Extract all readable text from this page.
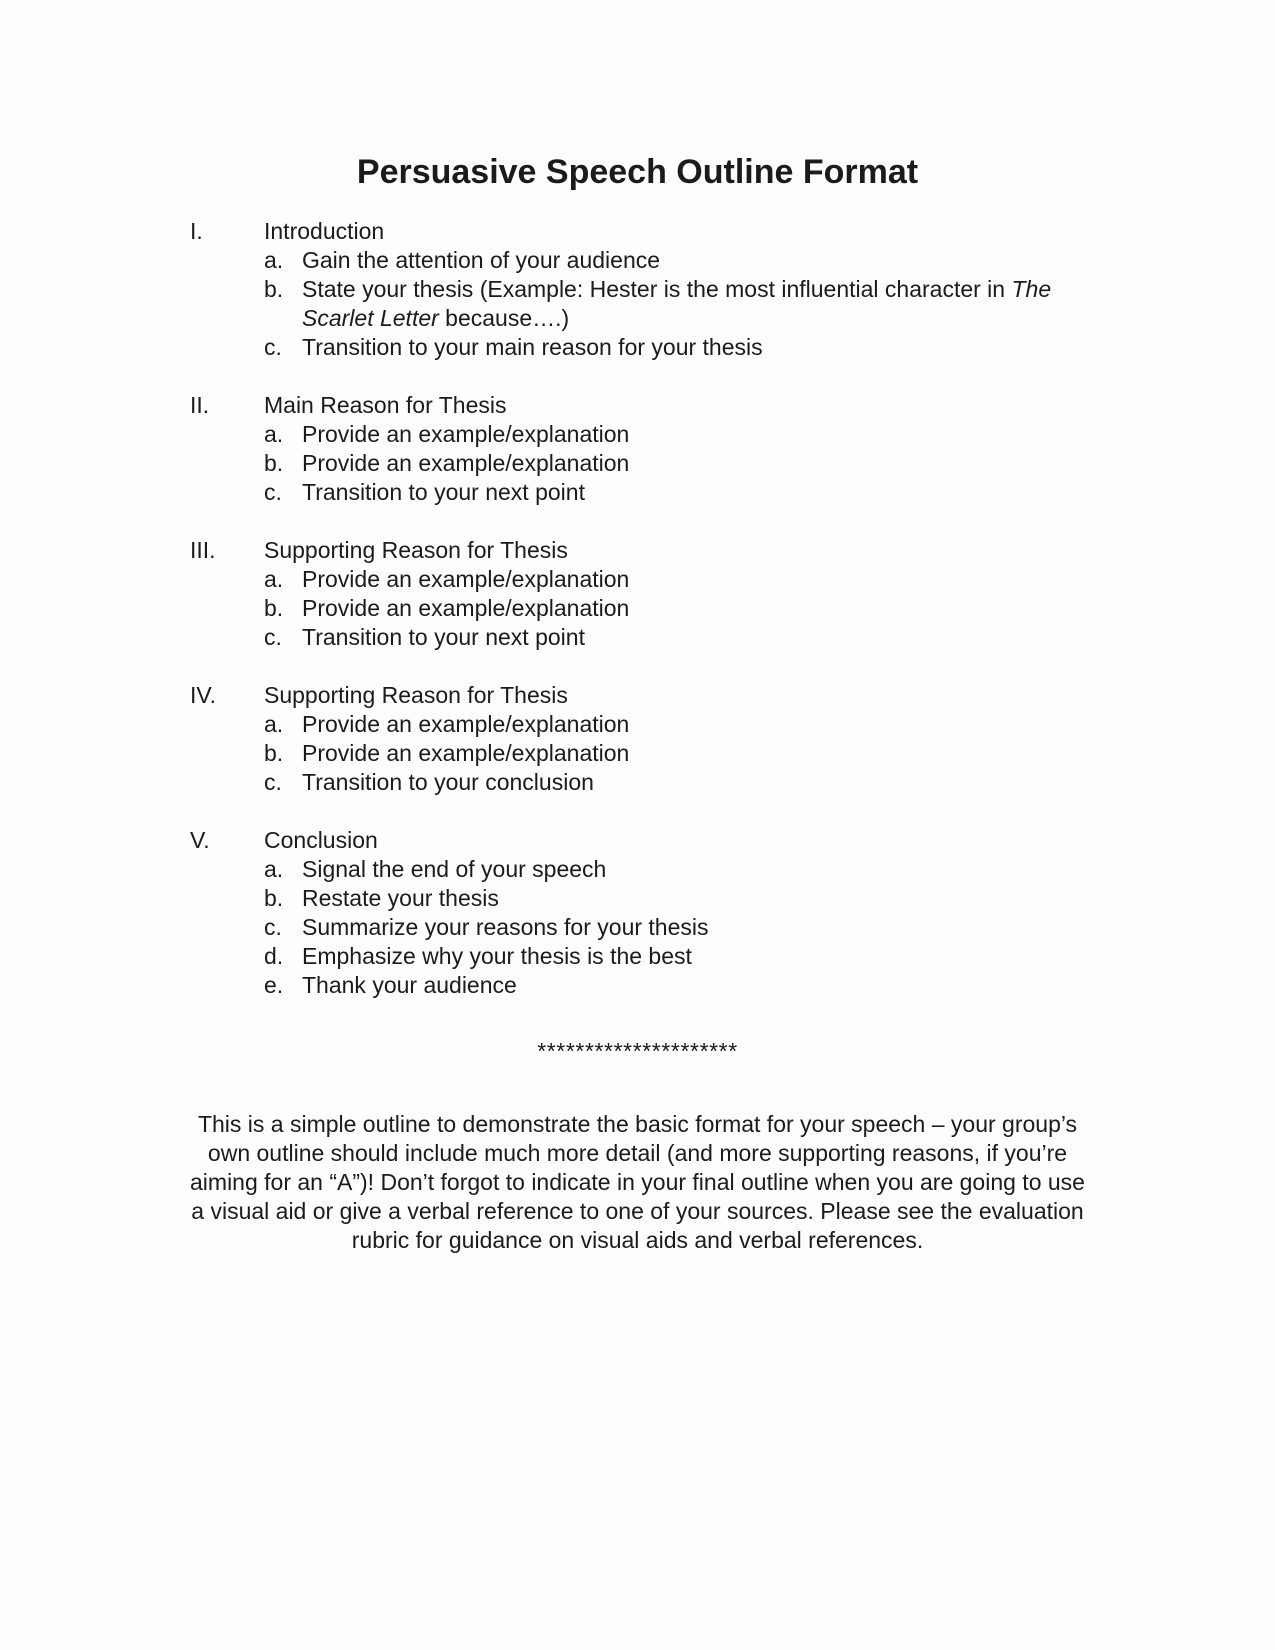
Persuasive Speech Outline Format
I.	Introduction
a. Gain the attention of your audience
b. State your thesis (Example: Hester is the most influential character in The
Scarlet Letter because….)
c. Transition to your main reason for your thesis
II.	Main Reason for Thesis
a. Provide an example/explanation
b. Provide an example/explanation
c. Transition to your next point
III.	Supporting Reason for Thesis
a. Provide an example/explanation
b. Provide an example/explanation
c. Transition to your next point
IV.	Supporting Reason for Thesis
a. Provide an example/explanation
b. Provide an example/explanation
c. Transition to your conclusion
V.	Conclusion
a. Signal the end of your speech
b. Restate your thesis
c. Summarize your reasons for your thesis
d. Emphasize why your thesis is the best
e. Thank your audience
*********************
This is a simple outline to demonstrate the basic format for your speech – your group’s
own outline should include much more detail (and more supporting reasons, if you’re
aiming for an “A”)! Don’t forgot to indicate in your final outline when you are going to use
a visual aid or give a verbal reference to one of your sources. Please see the evaluation
rubric for guidance on visual aids and verbal references.
